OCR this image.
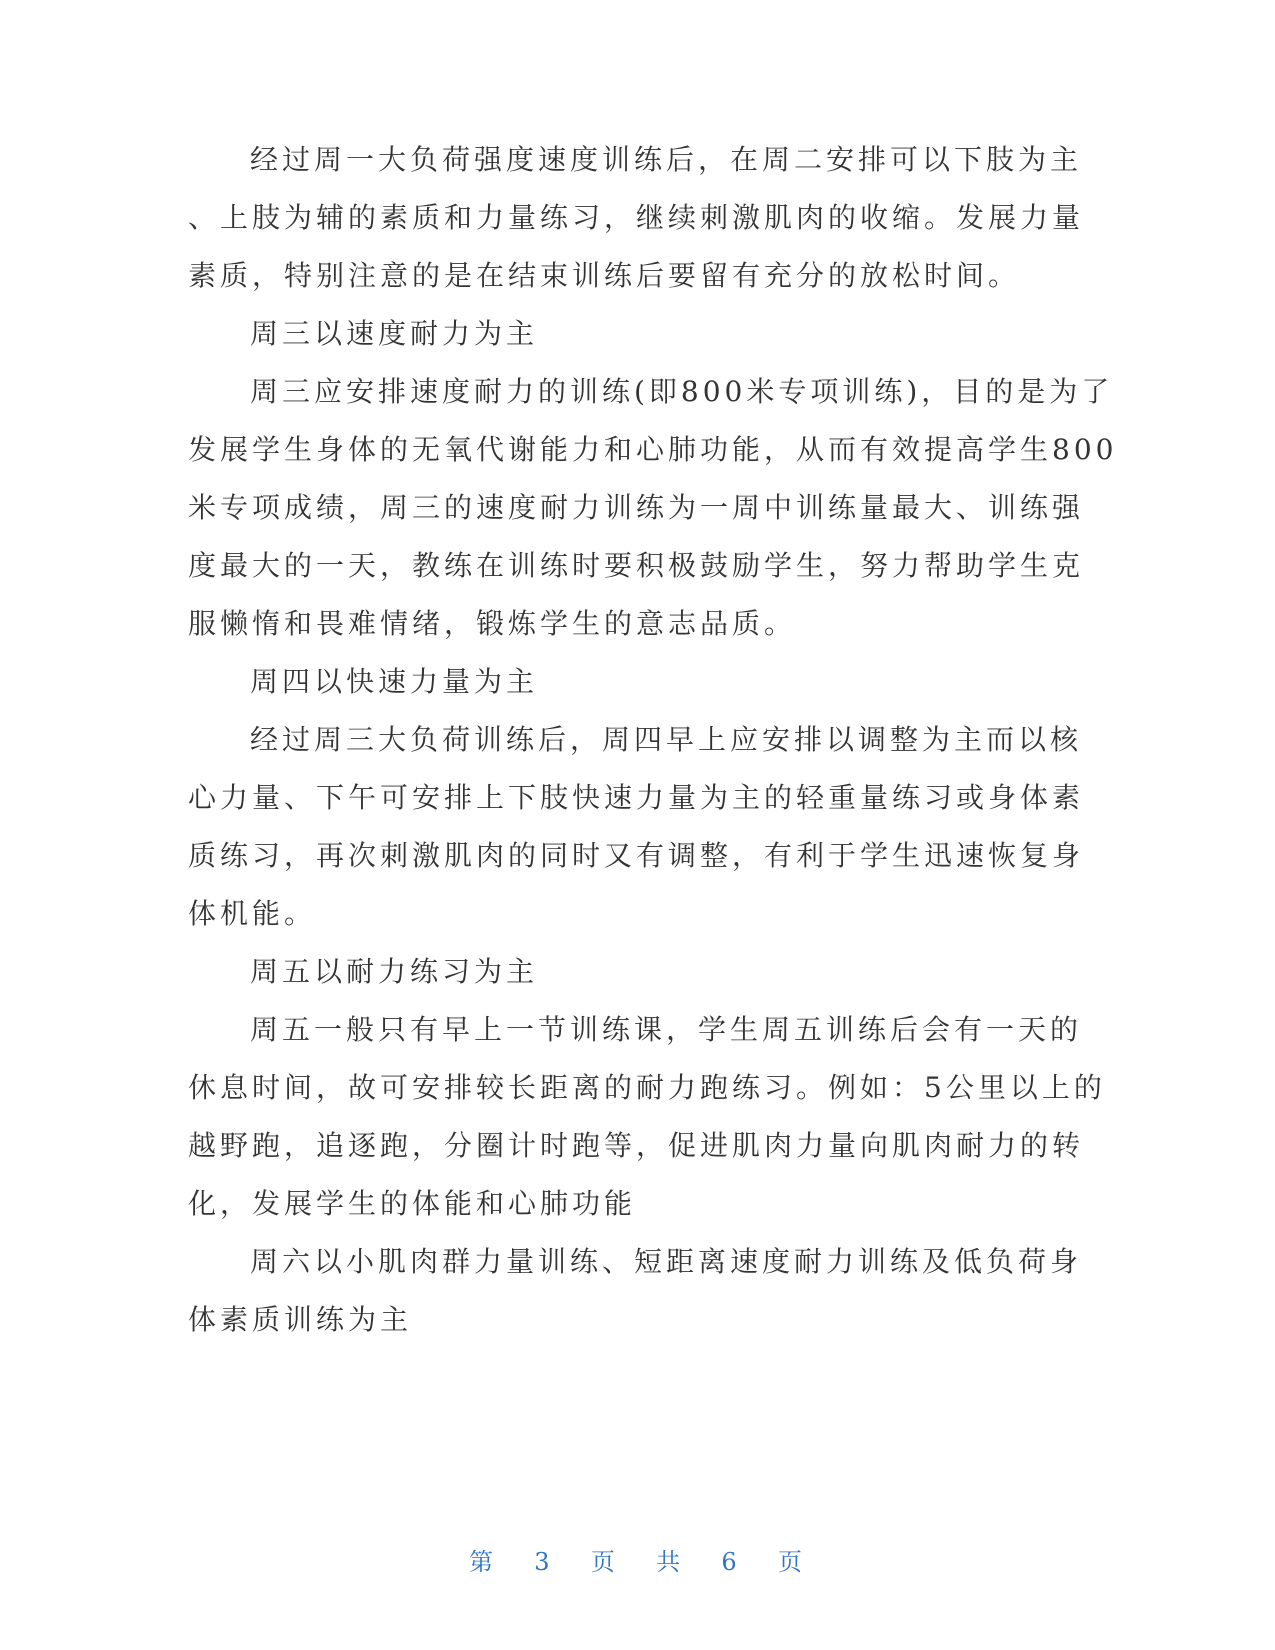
经过周一大负荷强度速度训练后，在周二安排可以下肢为主
、上肢为辅的素质和力量练习，继续刺激肌肉的收缩。发展力量
素质，特别注意的是在结束训练后要留有充分的放松时间。
周三以速度耐力为主
周三应安排速度耐力的训练(即800米专项训练)，目的是为了
发展学生身体的无氧代谢能力和心肺功能，从而有效提高学生800
米专项成绩，周三的速度耐力训练为一周中训练量最大、训练强
度最大的一天，教练在训练时要积极鼓励学生，努力帮助学生克
服懒惰和畏难情绪，锻炼学生的意志品质。
周四以快速力量为主
经过周三大负荷训练后，周四早上应安排以调整为主而以核
心力量、下午可安排上下肢快速力量为主的轻重量练习或身体素
质练习，再次刺激肌肉的同时又有调整，有利于学生迅速恢复身
体机能。
周五以耐力练习为主
周五一般只有早上一节训练课，学生周五训练后会有一天的
休息时间，故可安排较长距离的耐力跑练习。例如：5公里以上的
越野跑，追逐跑，分圈计时跑等，促进肌肉力量向肌肉耐力的转
化，发展学生的体能和心肺功能
周六以小肌肉群力量训练、短距离速度耐力训练及低负荷身
体素质训练为主
第 3 页 共 6 页
